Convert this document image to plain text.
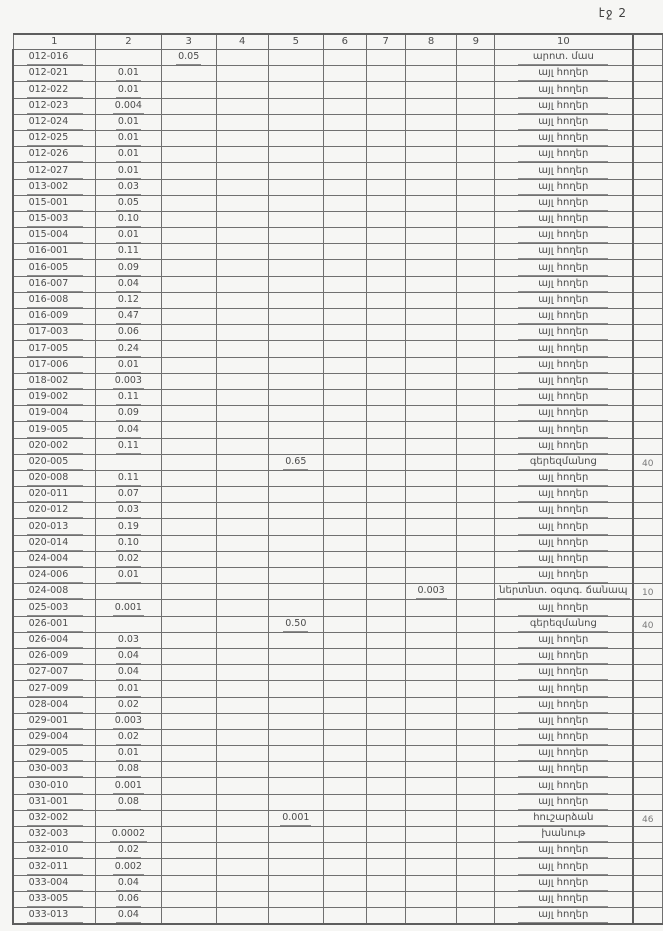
էջ 2
1	2	3	4	5	6	7	8	9	10	
012-016		0.05							արոտ. մաս	
012-021	0.01								այլ հողեր	
012-022	0.01								այլ հողեր	
012-023	0.004								այլ հողեր	
012-024	0.01								այլ հողեր	
012-025	0.01								այլ հողեր	
012-026	0.01								այլ հողեր	
012-027	0.01								այլ հողեր	
013-002	0.03								այլ հողեր	
015-001	0.05								այլ հողեր	
015-003	0.10								այլ հողեր	
015-004	0.01								այլ հողեր	
016-001	0.11								այլ հողեր	
016-005	0.09								այլ հողեր	
016-007	0.04								այլ հողեր	
016-008	0.12								այլ հողեր	
016-009	0.47								այլ հողեր	
017-003	0.06								այլ հողեր	
017-005	0.24								այլ հողեր	
017-006	0.01								այլ հողեր	
018-002	0.003								այլ հողեր	
019-002	0.11								այլ հողեր	
019-004	0.09								այլ հողեր	
019-005	0.04								այլ հողեր	
020-002	0.11								այլ հողեր	
020-005				0.65					գերեզմանոց	40
020-008	0.11								այլ հողեր	
020-011	0.07								այլ հողեր	
020-012	0.03								այլ հողեր	
020-013	0.19								այլ հողեր	
020-014	0.10								այլ հողեր	
024-004	0.02								այլ հողեր	
024-006	0.01								այլ հողեր	
024-008							0.003		ներտնտ. օգտգ. ճանապ	10
025-003	0.001								այլ հողեր	
026-001				0.50					գերեզմանոց	40
026-004	0.03								այլ հողեր	
026-009	0.04								այլ հողեր	
027-007	0.04								այլ հողեր	
027-009	0.01								այլ հողեր	
028-004	0.02								այլ հողեր	
029-001	0.003								այլ հողեր	
029-004	0.02								այլ հողեր	
029-005	0.01								այլ հողեր	
030-003	0.08								այլ հողեր	
030-010	0.001								այլ հողեր	
031-001	0.08								այլ հողեր	
032-002				0.001					հուշարձան	46
032-003	0.0002								խանութ	
032-010	0.02								այլ հողեր	
032-011	0.002								այլ հողեր	
033-004	0.04								այլ հողեր	
033-005	0.06								այլ հողեր	
033-013	0.04								այլ հողեր	
